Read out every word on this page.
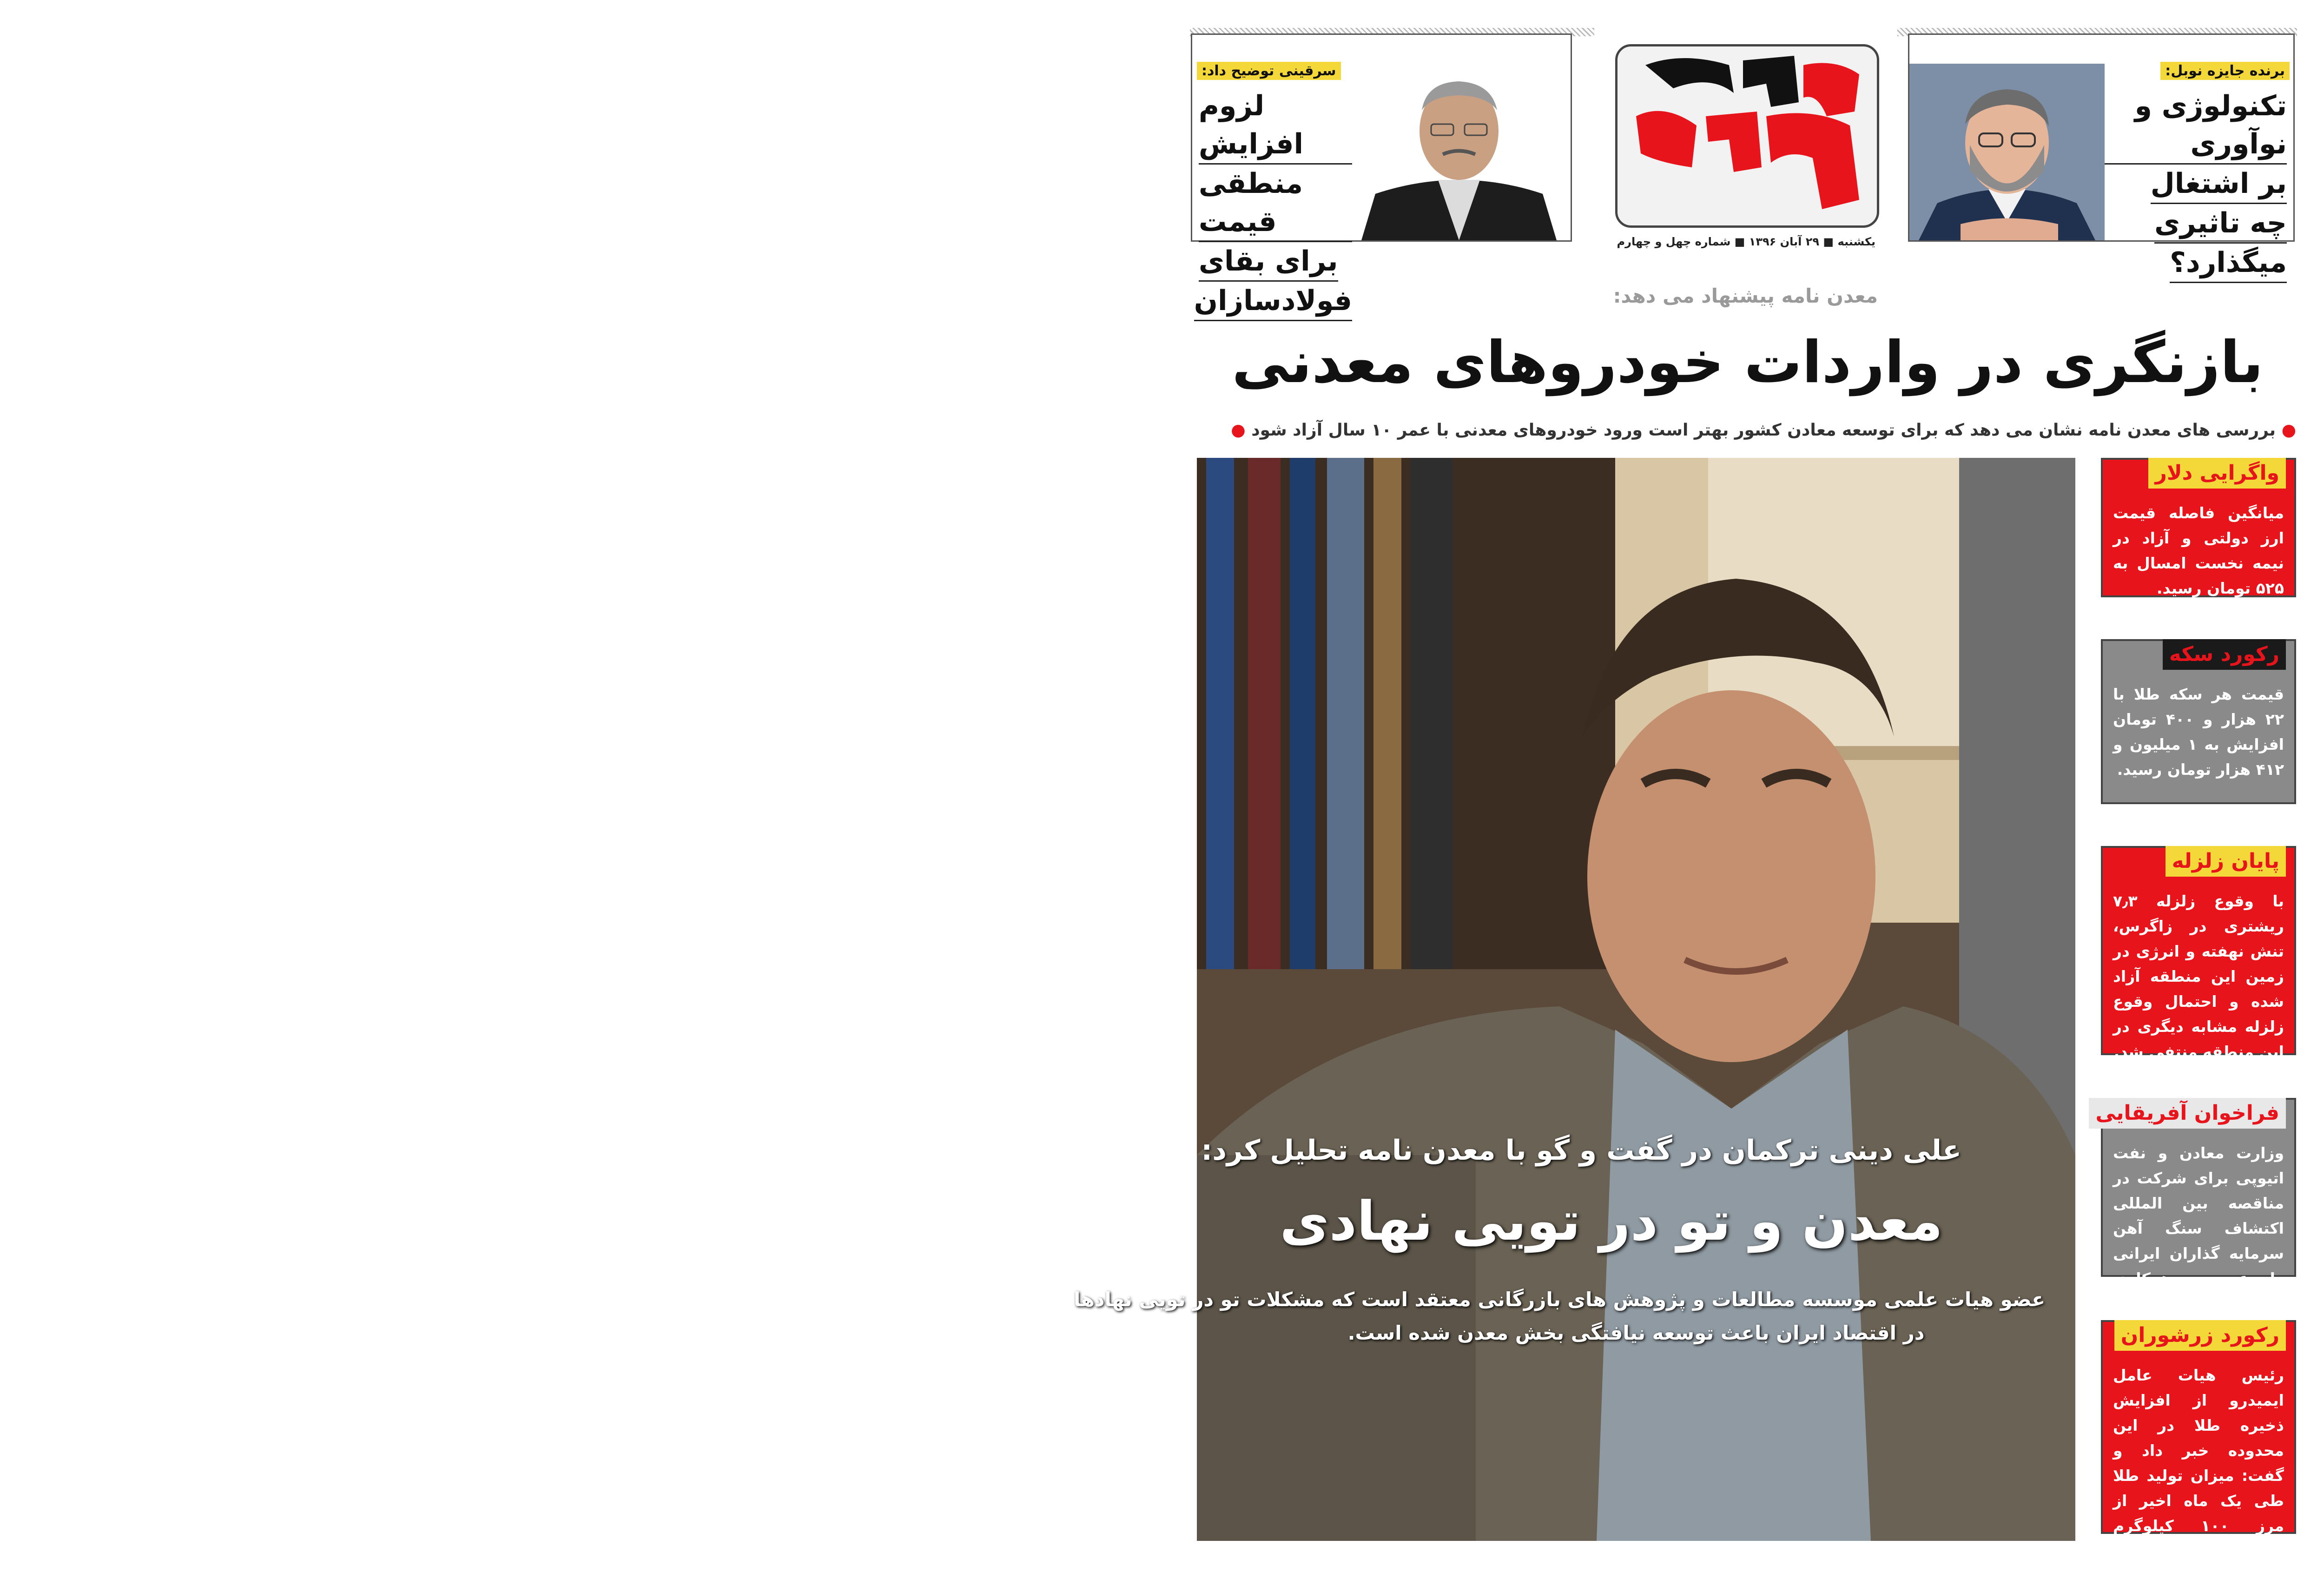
برنده جایزه نوبل:
تکنولوژی و نوآوری
بر اشتغال
چه تاثیری
میگذارد؟
سرقینی توضیح داد:
لزوم افزایش
منطقی قیمت
برای بقای
فولادسازان
یکشنبه ■ ۲۹ آبان ۱۳۹۶ ■ شماره چهل و چهارم
معدن نامه پیشنهاد می دهد:
بازنگری در واردات خودروهای معدنی
● بررسی های معدن نامه نشان می دهد که برای توسعه معادن کشور بهتر است ورود خودروهای معدنی با عمر ۱۰ سال آزاد شود ●
علی دینی ترکمان در گفت و گو با معدن نامه تحلیل کرد:
معدن و تو در تویی نهادی
عضو هیات علمی موسسه مطالعات و پژوهش های بازرگانی معتقد است که مشکلات تو در تویی نهادها
در اقتصاد ایران باعث توسعه نیافتگی بخش معدن شده است.
واگرایی دلار
میانگین فاصله قیمت ارز دولتی و آزاد در نیمه نخست امسال به ۵۲۵ تومان رسید.
رکورد سکه
قیمت هر سکه طلا با ۲۲ هزار و ۴۰۰ تومان افزایش به ۱ میلیون و ۴۱۲ هزار تومان رسید.
پایان زلزله
با وقوع زلزله ۷٫۳ ریشتری در زاگرس، تنش نهفته و انرژی در زمین این منطقه آزاد شده و احتمال وقوع زلزله مشابه دیگری در این منطقه منتفی شد.
فراخوان آفریقایی
وزارت معادن و نفت اتیوپی برای شرکت در مناقصه بین المللی اکتشاف سنگ آهن سرمایه گذاران ایرانی را دعوت به همکاری کرد.
رکورد زرشوران
رئیس هیات عامل ایمیدرو از افزایش ذخیره طلا در این محدوده خبر داد و گفت: میزان تولید طلا طی یک ماه اخیر از مرز ۱۰۰ کیلوگرم گذشت.
